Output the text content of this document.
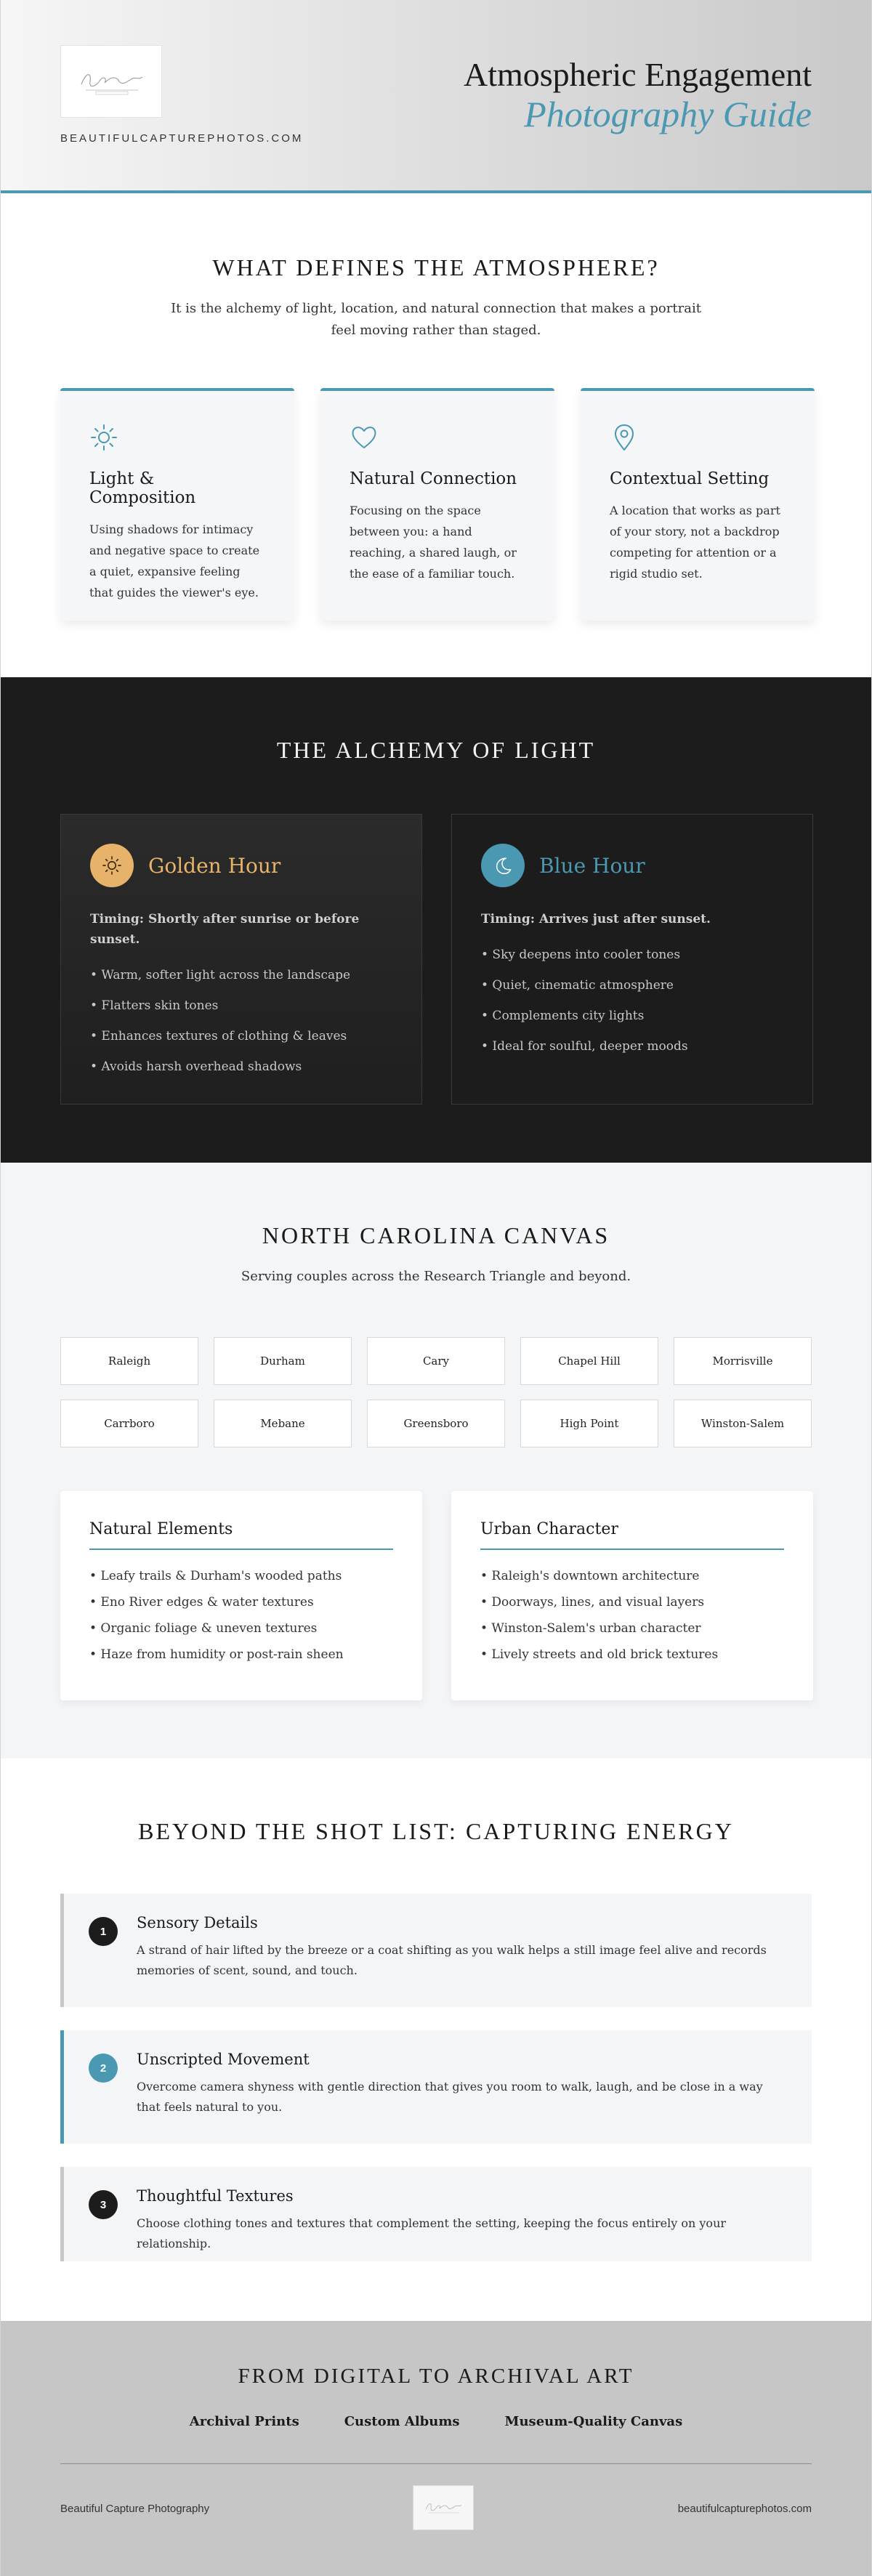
BEAUTIFULCAPTUREPHOTOS.COM
Atmospheric Engagement
Photography Guide
WHAT DEFINES THE ATMOSPHERE?
It is the alchemy of light, location, and natural connection that makes a portrait feel moving rather than staged.
Light & Composition

Using shadows for intimacy and negative space to create a quiet, expansive feeling that guides the viewer's eye.

Natural Connection

Focusing on the space between you: a hand reaching, a shared laugh, or the ease of a familiar touch.

Contextual Setting

A location that works as part of your story, not a backdrop competing for attention or a rigid studio set.

THE ALCHEMY OF LIGHT
Golden Hour
Timing: Shortly after sunrise or before sunset.
• Warm, softer light across the landscape
• Flatters skin tones
• Enhances textures of clothing & leaves
• Avoids harsh overhead shadows
Blue Hour
Timing: Arrives just after sunset.
• Sky deepens into cooler tones
• Quiet, cinematic atmosphere
• Complements city lights
• Ideal for soulful, deeper moods
NORTH CAROLINA CANVAS
Serving couples across the Research Triangle and beyond.
Raleigh	Durham	Cary	Chapel Hill	Morrisville
Carrboro	Mebane	Greensboro	High Point	Winston-Salem
Natural Elements
• Leafy trails & Durham's wooded paths
• Eno River edges & water textures
• Organic foliage & uneven textures
• Haze from humidity or post-rain sheen
Urban Character
• Raleigh's downtown architecture
• Doorways, lines, and visual layers
• Winston-Salem's urban character
• Lively streets and old brick textures
BEYOND THE SHOT LIST: CAPTURING ENERGY
1	Sensory Details

A strand of hair lifted by the breeze or a coat shifting as you walk helps a still image feel alive and records memories of scent, sound, and touch.

2	Unscripted Movement

Overcome camera shyness with gentle direction that gives you room to walk, laugh, and be close in a way that feels natural to you.

3	Thoughtful Textures

Choose clothing tones and textures that complement the setting, keeping the focus entirely on your relationship.

FROM DIGITAL TO ARCHIVAL ART
Archival Prints	Custom Albums	Museum-Quality Canvas
Beautiful Capture Photography	beautifulcapturephotos.com
